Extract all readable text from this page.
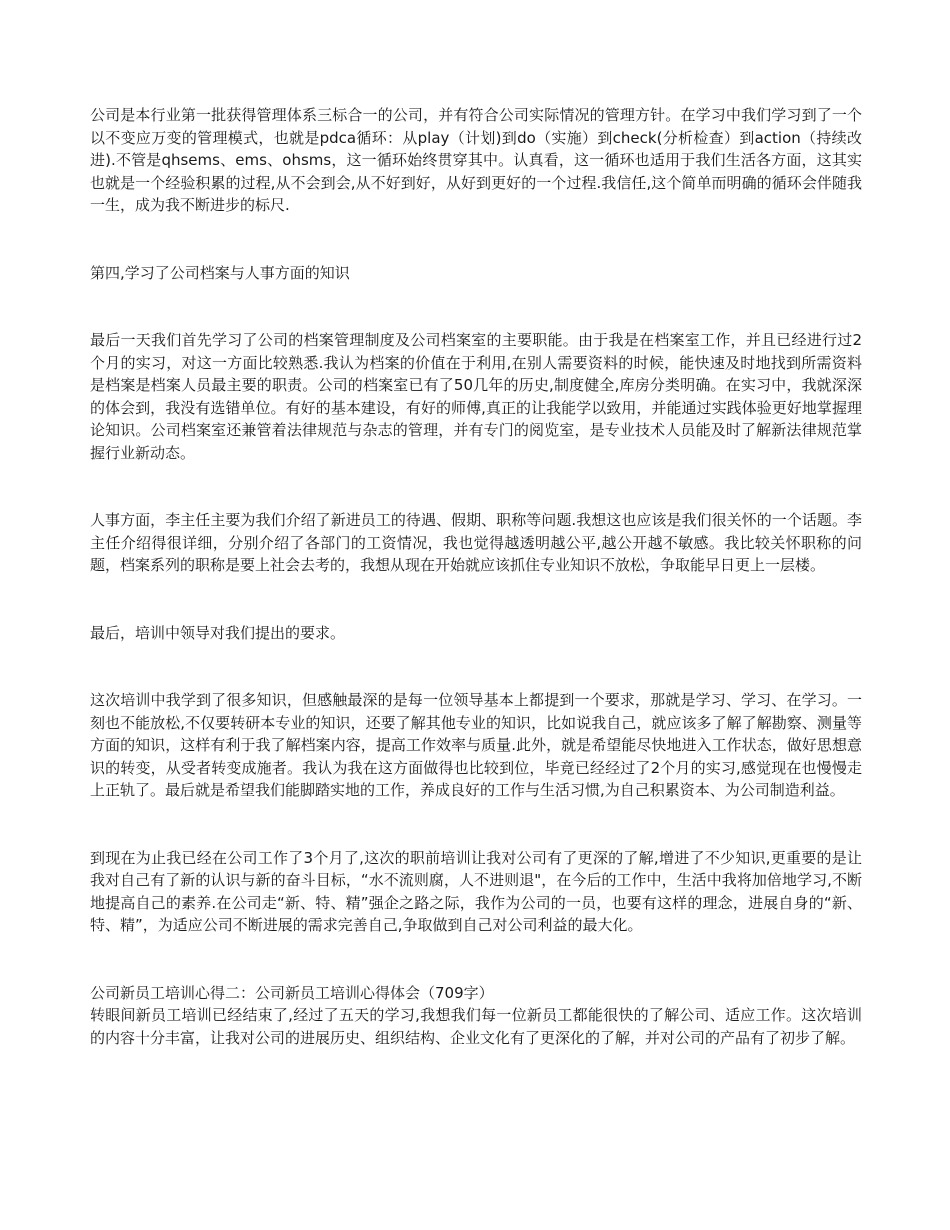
公司是本行业第一批获得管理体系三标合一的公司，并有符合公司实际情况的管理方针。在学习中我们学习到了一个以不变应万变的管理模式，也就是pdca循环：从play（计划)到do（实施）到check(分析检查）到action（持续改进).不管是qhsems、ems、ohsms，这一循环始终贯穿其中。认真看，这一循环也适用于我们生活各方面，这其实也就是一个经验积累的过程,从不会到会,从不好到好，从好到更好的一个过程.我信任,这个简单而明确的循环会伴随我一生，成为我不断进步的标尺.

第四,学习了公司档案与人事方面的知识

最后一天我们首先学习了公司的档案管理制度及公司档案室的主要职能。由于我是在档案室工作，并且已经进行过2个月的实习，对这一方面比较熟悉.我认为档案的价值在于利用,在别人需要资料的时候，能快速及时地找到所需资料是档案是档案人员最主要的职责。公司的档案室已有了50几年的历史,制度健全,库房分类明确。在实习中，我就深深的体会到，我没有选错单位。有好的基本建设，有好的师傅,真正的让我能学以致用，并能通过实践体验更好地掌握理论知识。公司档案室还兼管着法律规范与杂志的管理，并有专门的阅览室，是专业技术人员能及时了解新法律规范掌握行业新动态。

人事方面，李主任主要为我们介绍了新进员工的待遇、假期、职称等问题.我想这也应该是我们很关怀的一个话题。李主任介绍得很详细，分别介绍了各部门的工资情况，我也觉得越透明越公平,越公开越不敏感。我比较关怀职称的问题，档案系列的职称是要上社会去考的，我想从现在开始就应该抓住专业知识不放松，争取能早日更上一层楼。

最后，培训中领导对我们提出的要求。

这次培训中我学到了很多知识，但感触最深的是每一位领导基本上都提到一个要求，那就是学习、学习、在学习。一刻也不能放松,不仅要转研本专业的知识，还要了解其他专业的知识，比如说我自己，就应该多了解了解勘察、测量等方面的知识，这样有利于我了解档案内容，提高工作效率与质量.此外，就是希望能尽快地进入工作状态，做好思想意识的转变，从受者转变成施者。我认为我在这方面做得也比较到位，毕竟已经经过了2个月的实习,感觉现在也慢慢走上正轨了。最后就是希望我们能脚踏实地的工作，养成良好的工作与生活习惯,为自己积累资本、为公司制造利益。

到现在为止我已经在公司工作了3个月了,这次的职前培训让我对公司有了更深的了解,增进了不少知识,更重要的是让我对自己有了新的认识与新的奋斗目标，“水不流则腐，人不进则退"，在今后的工作中，生活中我将加倍地学习,不断地提高自己的素养.在公司走“新、特、精”强企之路之际，我作为公司的一员，也要有这样的理念，进展自身的“新、特、精”，为适应公司不断进展的需求完善自己,争取做到自己对公司利益的最大化。

公司新员工培训心得二：公司新员工培训心得体会（709字）

转眼间新员工培训已经结束了,经过了五天的学习,我想我们每一位新员工都能很快的了解公司、适应工作。这次培训的内容十分丰富，让我对公司的进展历史、组织结构、企业文化有了更深化的了解，并对公司的产品有了初步了解。
